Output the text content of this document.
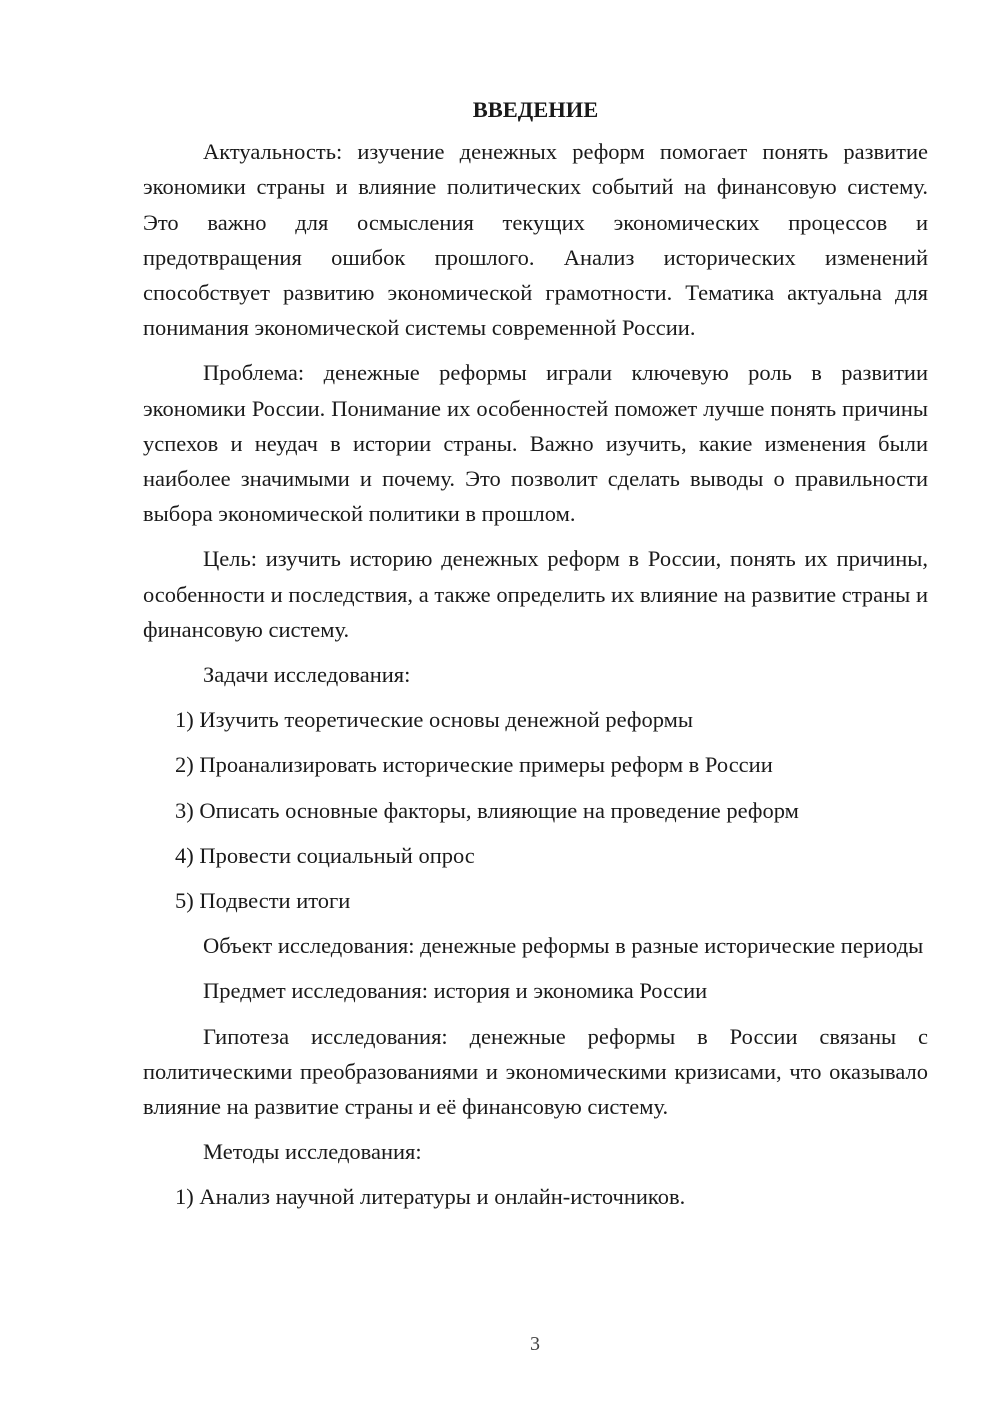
ВВЕДЕНИЕ

Актуальность: изучение денежных реформ помогает понять развитие экономики страны и влияние политических событий на финансовую систему. Это важно для осмысления текущих экономических процессов и предотвращения ошибок прошлого. Анализ исторических изменений способствует развитию экономической грамотности. Тематика актуальна для понимания экономической системы современной России.

Проблема: денежные реформы играли ключевую роль в развитии экономики России. Понимание их особенностей поможет лучше понять причины успехов и неудач в истории страны. Важно изучить, какие изменения были наиболее значимыми и почему. Это позволит сделать выводы о правильности выбора экономической политики в прошлом.

Цель: изучить историю денежных реформ в России, понять их причины, особенности и последствия, а также определить их влияние на развитие страны и финансовую систему.

Задачи исследования:

1) Изучить теоретические основы денежной реформы
2) Проанализировать исторические примеры реформ в России
3) Описать основные факторы, влияющие на проведение реформ
4) Провести социальный опрос
5) Подвести итоги

Объект исследования: денежные реформы в разные исторические периоды

Предмет исследования: история и экономика России

Гипотеза исследования: денежные реформы в России связаны с политическими преобразованиями и экономическими кризисами, что оказывало влияние на развитие страны и её финансовую систему.

Методы исследования:

1) Анализ научной литературы и онлайн-источников.
3
